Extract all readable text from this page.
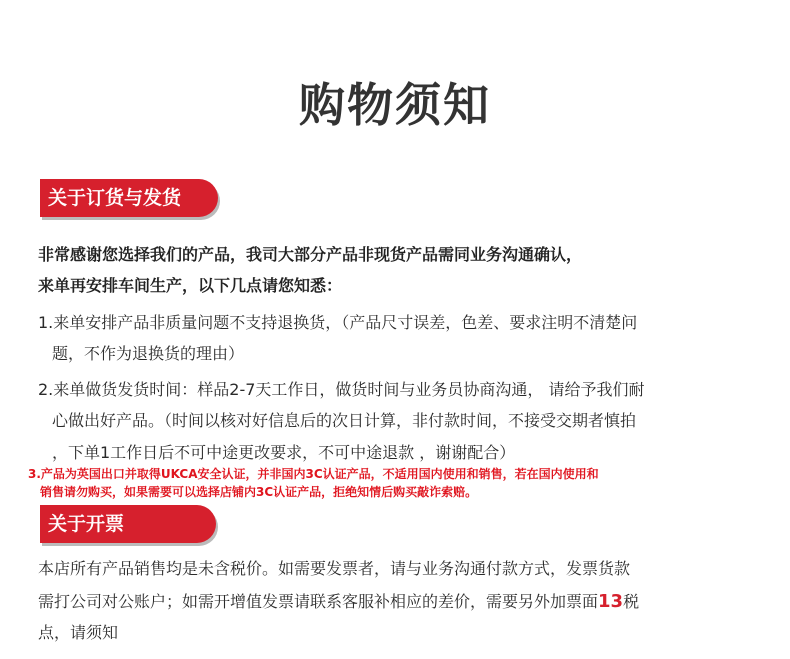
购物须知
关于订货与发货
非常感谢您选择我们的产品，我司大部分产品非现货产品需同业务沟通确认，
来单再安排车间生产，以下几点请您知悉：
1.来单安排产品非质量问题不支持退换货，（产品尺寸误差，色差、要求注明不清楚问
题，不作为退换货的理由）
2.来单做货发货时间：样品2-7天工作日，做货时间与业务员协商沟通， 请给予我们耐
心做出好产品。（时间以核对好信息后的次日计算，非付款时间，不接受交期者慎拍
，下单1工作日后不可中途更改要求，不可中途退款 ，谢谢配合）
3.产品为英国出口并取得UKCA安全认证，并非国内3C认证产品，不适用国内使用和销售，若在国内使用和
销售请勿购买，如果需要可以选择店铺内3C认证产品，拒绝知情后购买敲诈索赔。
关于开票
本店所有产品销售均是未含税价。如需要发票者，请与业务沟通付款方式，发票货款
需打公司对公账户；如需开增值发票请联系客服补相应的差价，需要另外加票面13税
点，请须知
